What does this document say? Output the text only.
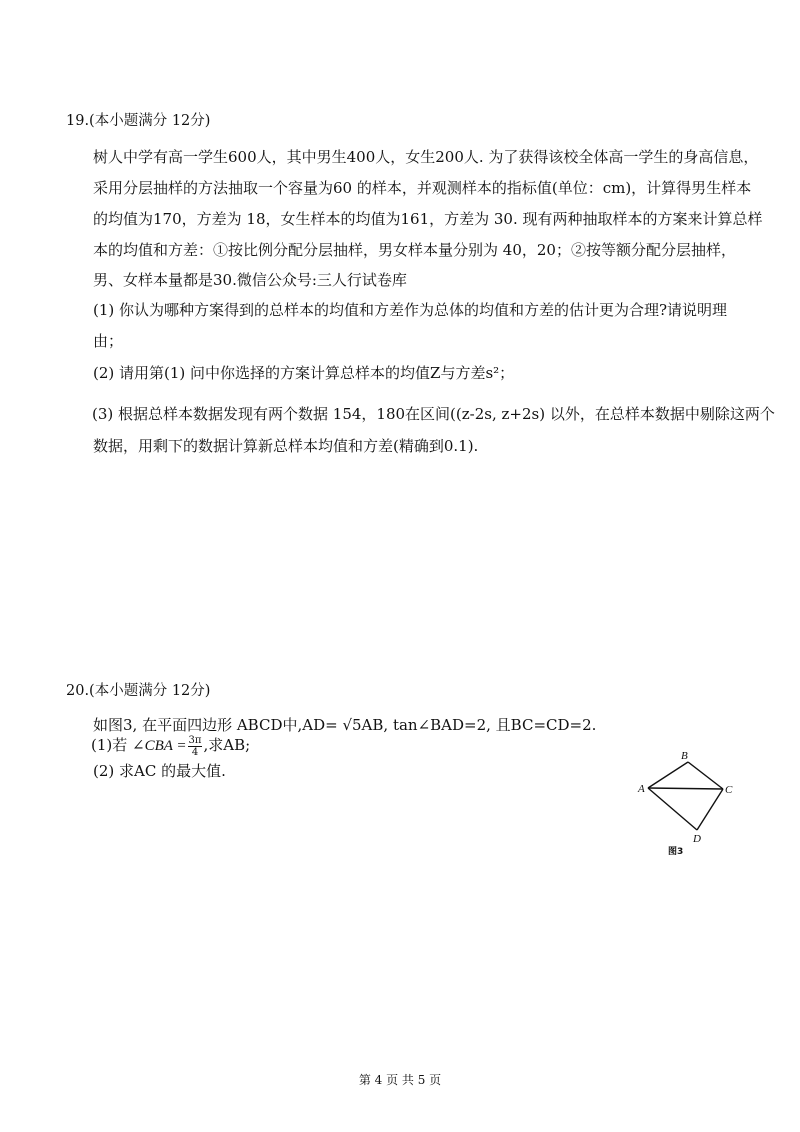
19.(本小题满分 12分)
树人中学有高一学生600人，其中男生400人，女生200人. 为了获得该校全体高一学生的身高信息，
采用分层抽样的方法抽取一个容量为60 的样本，并观测样本的指标值(单位：cm)，计算得男生样本
的均值为170，方差为 18，女生样本的均值为161，方差为 30. 现有两种抽取样本的方案来计算总样
本的均值和方差：①按比例分配分层抽样，男女样本量分别为 40，20；②按等额分配分层抽样，
男、女样本量都是30.微信公众号:三人行试卷库
(1) 你认为哪种方案得到的总样本的均值和方差作为总体的均值和方差的估计更为合理?请说明理
由；
(2) 请用第(1) 问中你选择的方案计算总样本的均值Z与方差s²；
(3) 根据总样本数据发现有两个数据 154，180在区间((z-2s, z+2s) 以外，在总样本数据中剔除这两个
数据，用剩下的数据计算新总样本均值和方差(精确到0.1).
20.(本小题满分 12分)
如图3, 在平面四边形 ABCD中,AD= √5AB, tan∠BAD=2, 且BC=CD=2.
(1)若 ∠CBA = $\frac{3\pi}{4}$ ,求AB;
(2) 求AC 的最大值.
B
A	C
D
图3
第 4 页 共 5 页
